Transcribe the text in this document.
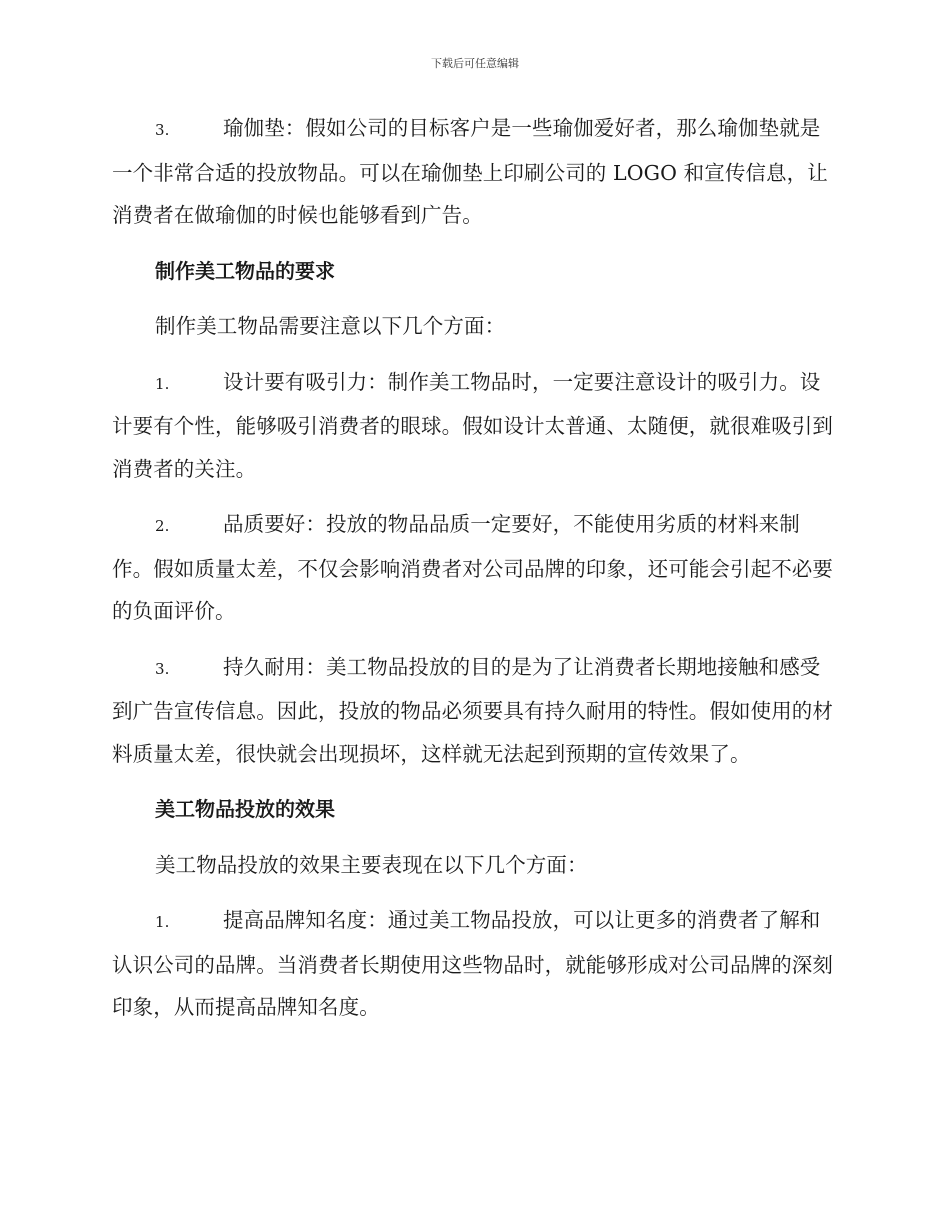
下载后可任意编辑

3.	瑜伽垫：假如公司的目标客户是一些瑜伽爱好者，那么瑜伽垫就是一个非常合适的投放物品。可以在瑜伽垫上印刷公司的 LOGO 和宣传信息，让消费者在做瑜伽的时候也能够看到广告。

制作美工物品的要求

制作美工物品需要注意以下几个方面：

1.	设计要有吸引力：制作美工物品时，一定要注意设计的吸引力。设计要有个性，能够吸引消费者的眼球。假如设计太普通、太随便，就很难吸引到消费者的关注。

2.	品质要好：投放的物品品质一定要好，不能使用劣质的材料来制作。假如质量太差，不仅会影响消费者对公司品牌的印象，还可能会引起不必要的负面评价。

3.	持久耐用：美工物品投放的目的是为了让消费者长期地接触和感受到广告宣传信息。因此，投放的物品必须要具有持久耐用的特性。假如使用的材料质量太差，很快就会出现损坏，这样就无法起到预期的宣传效果了。

美工物品投放的效果

美工物品投放的效果主要表现在以下几个方面：

1.	提高品牌知名度：通过美工物品投放，可以让更多的消费者了解和认识公司的品牌。当消费者长期使用这些物品时，就能够形成对公司品牌的深刻印象，从而提高品牌知名度。
